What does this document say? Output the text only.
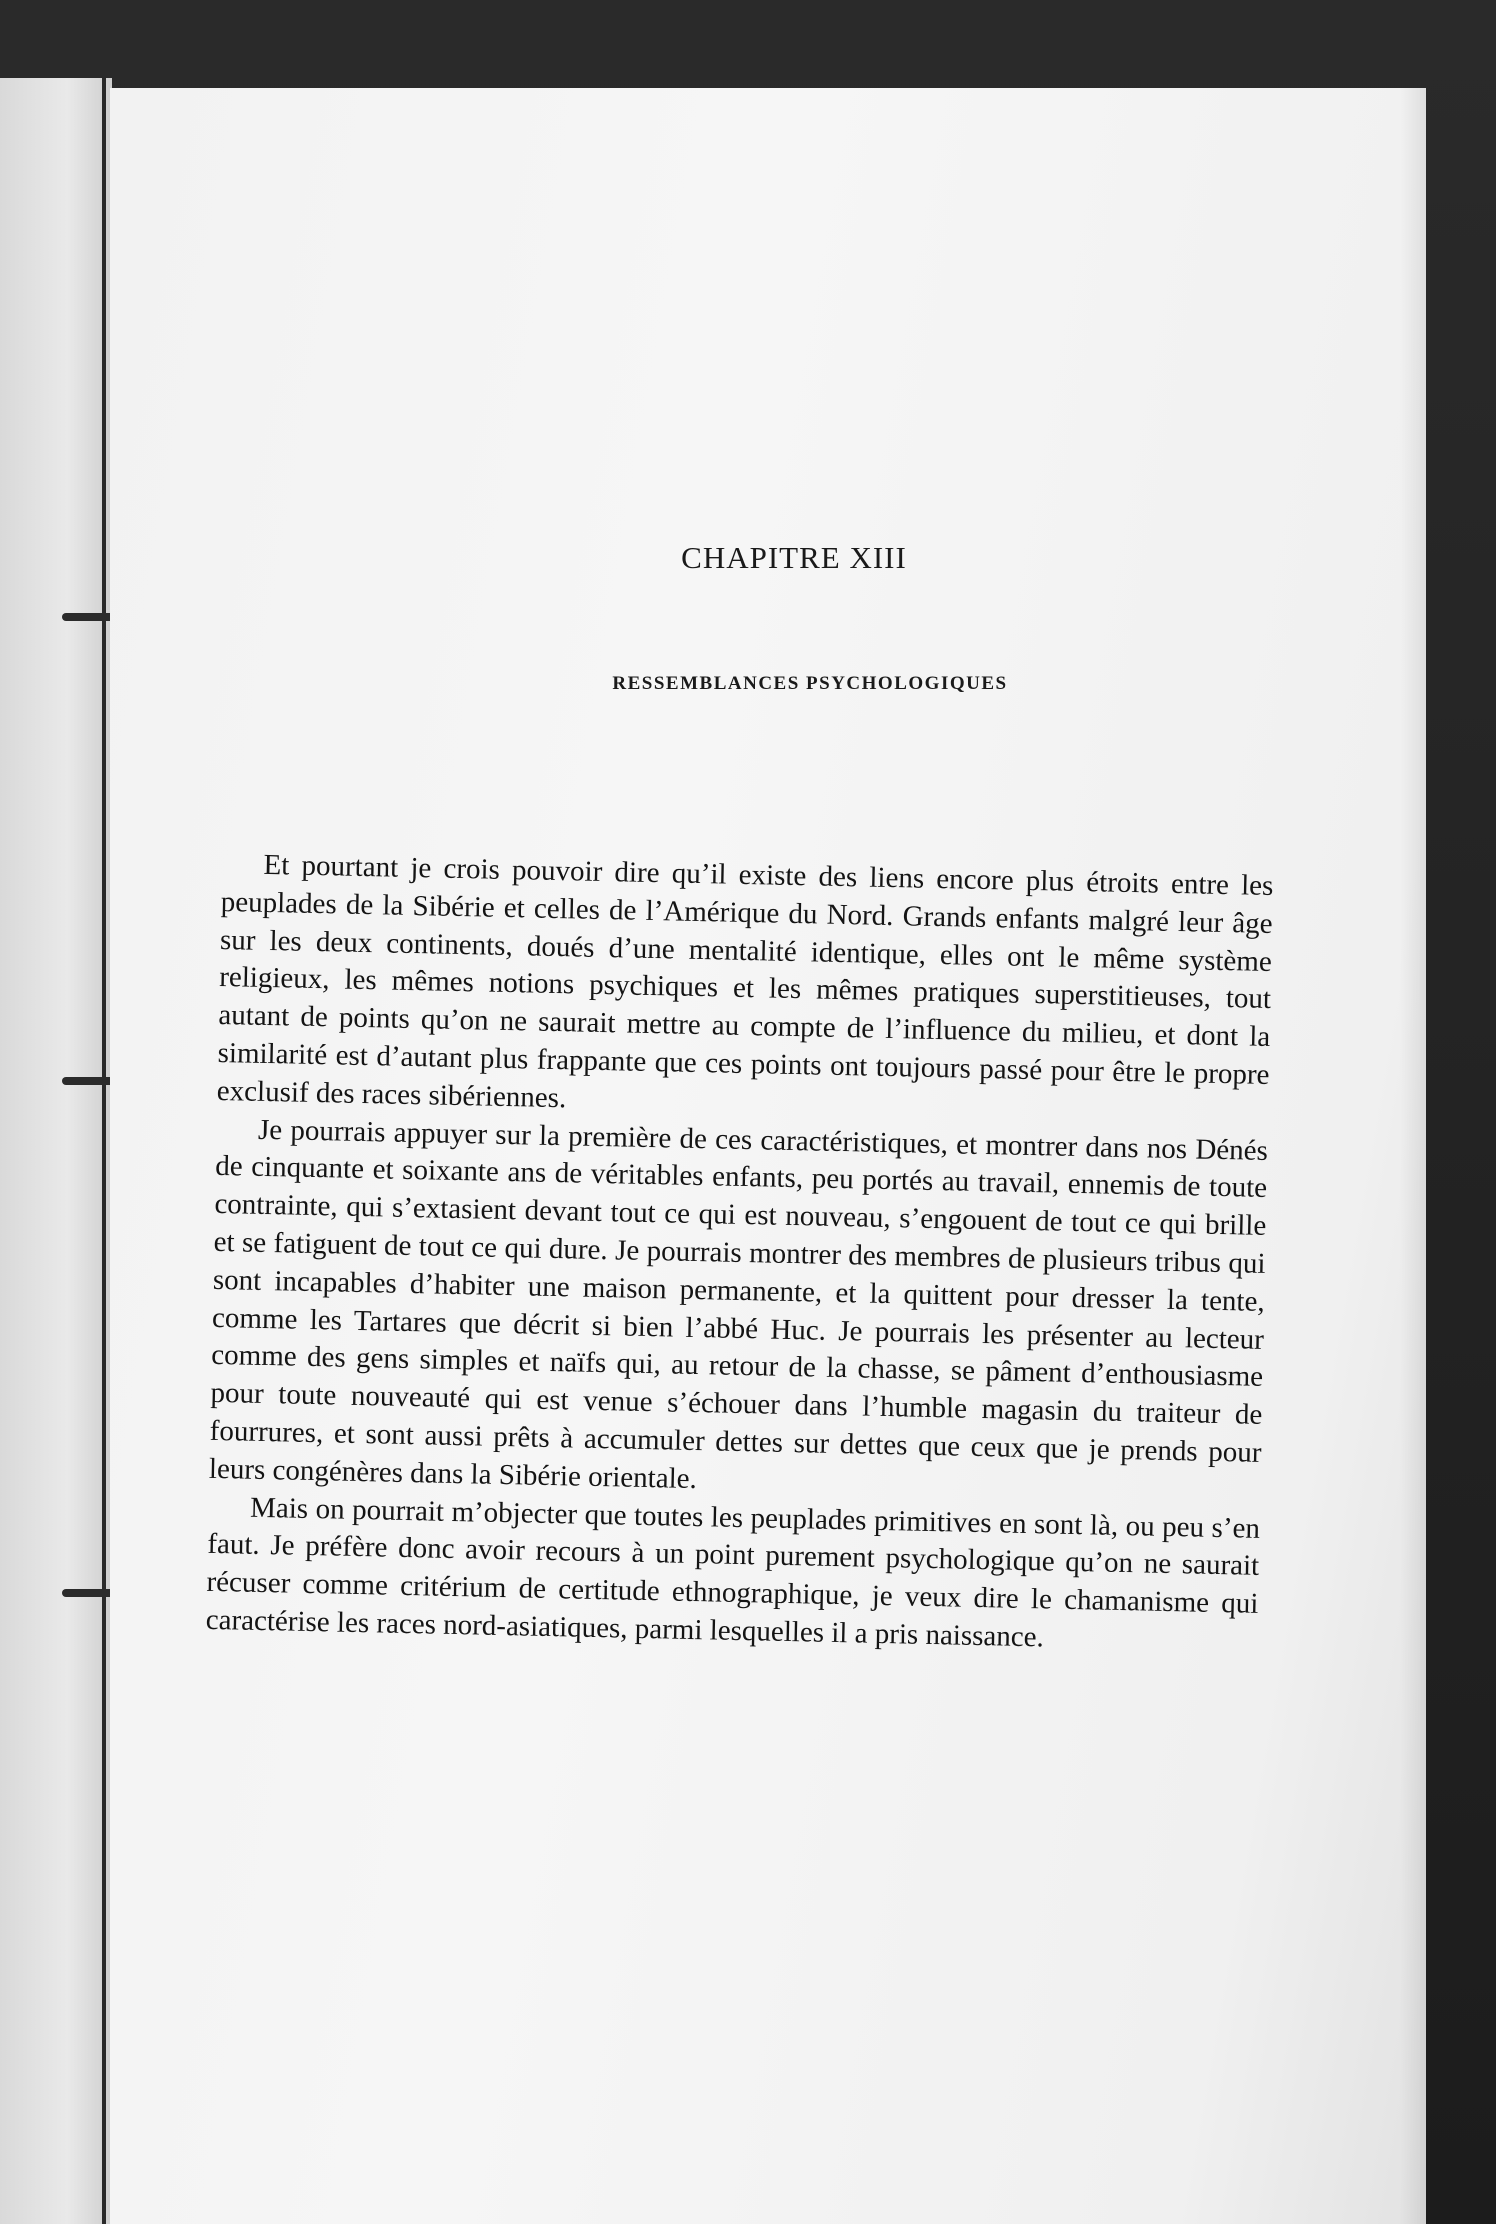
CHAPITRE XIII
RESSEMBLANCES PSYCHOLOGIQUES

Et pourtant je crois pouvoir dire qu’il existe des liens encore plus étroits entre les peuplades de la Sibérie et celles de l’Amérique du Nord. Grands enfants malgré leur âge sur les deux continents, doués d’une mentalité identique, elles ont le même système religieux, les mêmes notions psychiques et les mêmes pratiques superstitieuses, tout autant de points qu’on ne saurait mettre au compte de l’influence du milieu, et dont la similarité est d’autant plus frappante que ces points ont toujours passé pour être le propre exclusif des races sibériennes.

Je pourrais appuyer sur la première de ces caractéristiques, et montrer dans nos Dénés de cinquante et soixante ans de véritables enfants, peu portés au travail, ennemis de toute contrainte, qui s’extasient devant tout ce qui est nouveau, s’engouent de tout ce qui brille et se fatiguent de tout ce qui dure. Je pourrais montrer des membres de plusieurs tribus qui sont incapables d’habiter une maison permanente, et la quittent pour dresser la tente, comme les Tartares que décrit si bien l’abbé Huc. Je pourrais les présenter au lecteur comme des gens simples et naïfs qui, au retour de la chasse, se pâment d’enthousiasme pour toute nouveauté qui est venue s’échouer dans l’humble magasin du traiteur de fourrures, et sont aussi prêts à accumuler dettes sur dettes que ceux que je prends pour leurs congénères dans la Sibérie orientale.

Mais on pourrait m’objecter que toutes les peuplades primitives en sont là, ou peu s’en faut. Je préfère donc avoir recours à un point purement psychologique qu’on ne saurait récuser comme critérium de certitude ethnographique, je veux dire le chamanisme qui caractérise les races nord-asiatiques, parmi lesquelles il a pris naissance.
